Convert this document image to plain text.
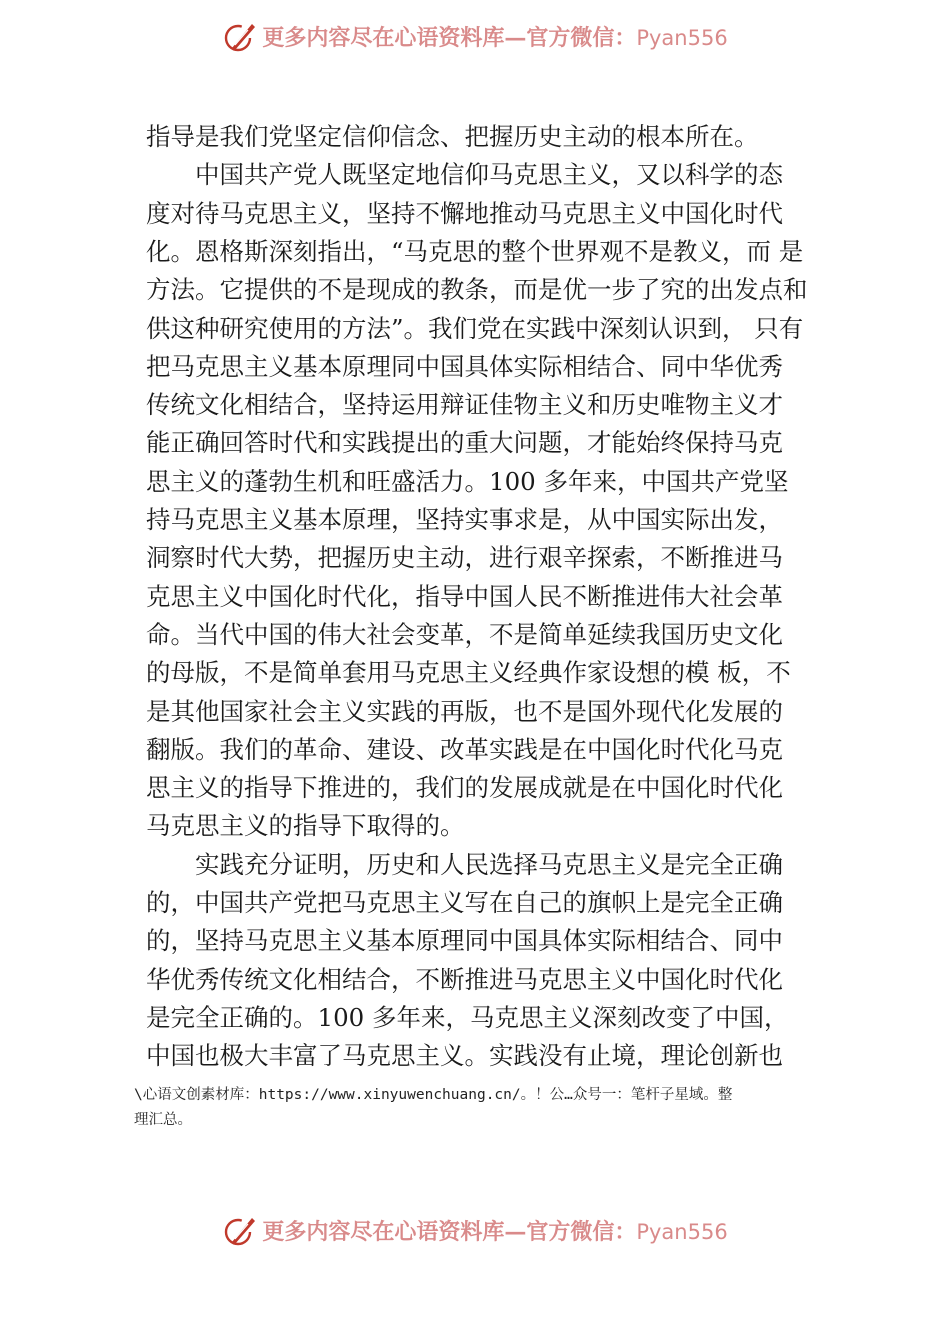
更多内容尽在心语资料库—官方微信：Pyan556
指导是我们党坚定信仰信念、把握历史主动的根本所在。
　　中国共产党人既坚定地信仰马克思主义，又以科学的态
度对待马克思主义，坚持不懈地推动马克思主义中国化时代
化。恩格斯深刻指出，“马克思的整个世界观不是教义，而 是
方法。它提供的不是现成的教条，而是优一步了究的出发点和
供这种研究使用的方法”。我们党在实践中深刻认识到， 只有
把马克思主义基本原理同中国具体实际相结合、同中华优秀
传统文化相结合，坚持运用辩证佳物主义和历史唯物主义才
能正确回答时代和实践提出的重大问题，才能始终保持马克
思主义的蓬勃生机和旺盛活力。100 多年来，中国共产党坚
持马克思主义基本原理，坚持实事求是，从中国实际出发，
洞察时代大势，把握历史主动，进行艰辛探索，不断推进马
克思主义中国化时代化，指导中国人民不断推进伟大社会革
命。当代中国的伟大社会变革，不是简单延续我国历史文化
的母版，不是简单套用马克思主义经典作家设想的模 板，不
是其他国家社会主义实践的再版，也不是国外现代化发展的
翻版。我们的革命、建设、改革实践是在中国化时代化马克
思主义的指导下推进的，我们的发展成就是在中国化时代化
马克思主义的指导下取得的。
　　实践充分证明，历史和人民选择马克思主义是完全正确
的，中国共产党把马克思主义写在自己的旗帜上是完全正确
的，坚持马克思主义基本原理同中国具体实际相结合、同中
华优秀传统文化相结合，不断推进马克思主义中国化时代化
是完全正确的。100 多年来，马克思主义深刻改变了中国，
中国也极大丰富了马克思主义。实践没有止境，理论创新也
\心语文创素材库：https://www.xinyuwenchuang.cn/。！公…众号一：笔杆子星域。整
理汇总。
更多内容尽在心语资料库—官方微信：Pyan556
